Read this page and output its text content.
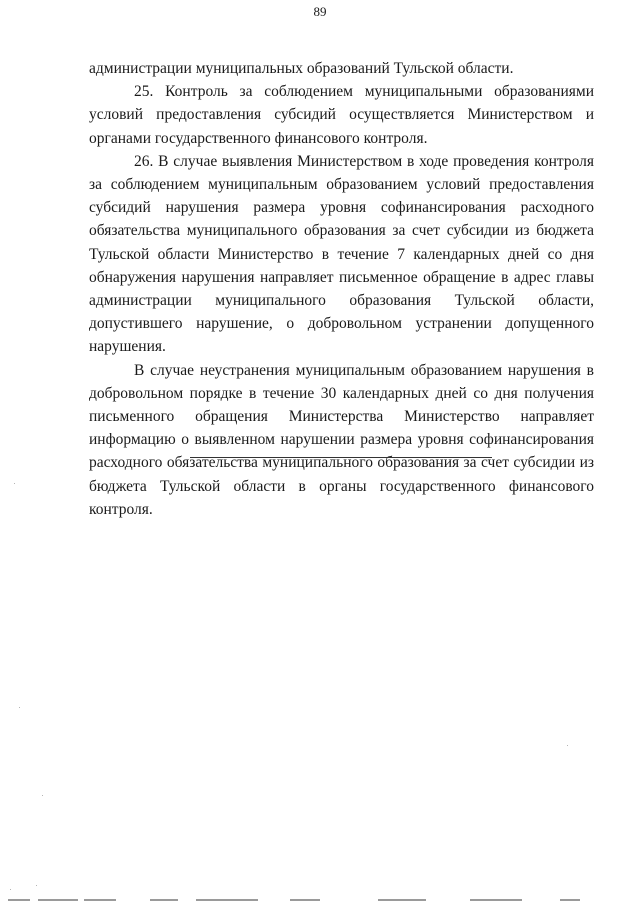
89

администрации муниципальных образований Тульской области.

25. Контроль за соблюдением муниципальными образованиями условий предоставления субсидий осуществляется Министерством и органами государственного финансового контроля.

26. В случае выявления Министерством в ходе проведения контроля за соблюдением муниципальным образованием условий предоставления субсидий нарушения размера уровня софинансирования расходного обязательства муниципального образования за счет субсидии из бюджета Тульской области Министерство в течение 7 календарных дней со дня обнаружения нарушения направляет письменное обращение в адрес главы администрации муниципального образования Тульской области, допустившего нарушение, о добровольном устранении допущенного нарушения.

В случае неустранения муниципальным образованием нарушения в добровольном порядке в течение 30 календарных дней со дня получения письменного обращения Министерства Министерство направляет информацию о выявленном нарушении размера уровня софинансирования расходного обязательства муниципального образования за счет субсидии из бюджета Тульской области в органы государственного финансового контроля.
